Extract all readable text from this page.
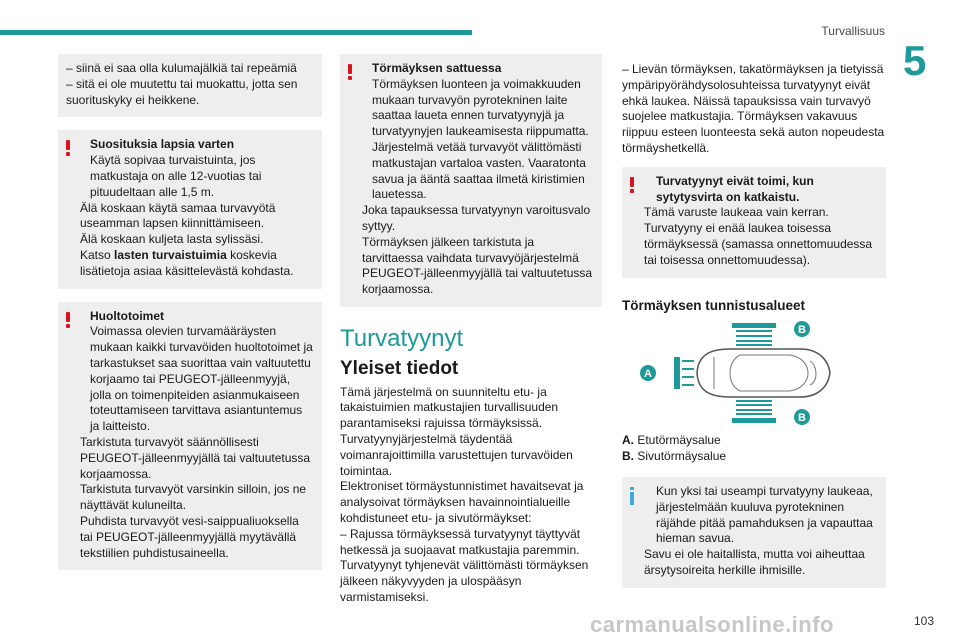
Turvallisuus
5

– siinä ei saa olla kulumajälkiä tai repeämiä

– sitä ei ole muutettu tai muokattu, jotta sen suorituskyky ei heikkene.

Suosituksia lapsia varten

Käytä sopivaa turvaistuinta, jos matkustaja on alle 12-vuotias tai pituudeltaan alle 1,5 m.

Älä koskaan käytä samaa turvavyötä useamman lapsen kiinnittämiseen.

Älä koskaan kuljeta lasta sylissäsi.

Katso lasten turvaistuimia koskevia lisätietoja asiaa käsittelevästä kohdasta.

Huoltotoimet

Voimassa olevien turvamääräysten mukaan kaikki turvavöiden huoltotoimet ja tarkastukset saa suorittaa vain valtuutettu korjaamo tai PEUGEOT-jälleenmyyjä, jolla on toimenpiteiden asianmukaiseen toteuttamiseen tarvittava asiantuntemus ja laitteisto.

Tarkistuta turvavyöt säännöllisesti PEUGEOT-jälleenmyyjällä tai valtuutetussa korjaamossa.

Tarkistuta turvavyöt varsinkin silloin, jos ne näyttävät kuluneilta.

Puhdista turvavyöt vesi-saippualiuoksella tai PEUGEOT-jälleenmyyjällä myytävällä tekstiilien puhdistusaineella.

Törmäyksen sattuessa

Törmäyksen luonteen ja voimakkuuden mukaan turvavyön pyrotekninen laite saattaa laueta ennen turvatyynyjä ja turvatyynyjen laukeamisesta riippumatta. Järjestelmä vetää turvavyöt välittömästi matkustajan vartaloa vasten. Vaaratonta savua ja ääntä saattaa ilmetä kiristimien lauetessa.

Joka tapauksessa turvatyynyn varoitusvalo syttyy.

Törmäyksen jälkeen tarkistuta ja tarvittaessa vaihdata turvavyöjärjestelmä PEUGEOT-jälleenmyyjällä tai valtuutetussa korjaamossa.

Turvatyynyt
Yleiset tiedot

Tämä järjestelmä on suunniteltu etu- ja takaistuimien matkustajien turvallisuuden parantamiseksi rajuissa törmäyksissä. Turvatyynyjärjestelmä täydentää voimanrajoittimilla varustettujen turvavöiden toimintaa.

Elektroniset törmäystunnistimet havaitsevat ja analysoivat törmäyksen havainnointialueille kohdistuneet etu- ja sivutörmäykset:

– Rajussa törmäyksessä turvatyynyt täyttyvät hetkessä ja suojaavat matkustajia paremmin. Turvatyynyt tyhjenevät välittömästi törmäyksen jälkeen näkyvyyden ja ulospääsyn varmistamiseksi.

– Lievän törmäyksen, takatörmäyksen ja tietyissä ympäripyörähdysolosuhteissa turvatyynyt eivät ehkä laukea. Näissä tapauksissa vain turvavyö suojelee matkustajia. Törmäyksen vakavuus riippuu esteen luonteesta sekä auton nopeudesta törmäyshetkellä.

Turvatyynyt eivät toimi, kun sytytysvirta on katkaistu.

Tämä varuste laukeaa vain kerran.

Turvatyyny ei enää laukea toisessa törmäyksessä (samassa onnettomuudessa tai toisessa onnettomuudessa).

Törmäyksen tunnistusalueet
A
B
B

A. Etutörmäysalue

B. Sivutörmäysalue

Kun yksi tai useampi turvatyyny laukeaa, järjestelmään kuuluva pyrotekninen räjähde pitää pamahduksen ja vapauttaa hieman savua.

Savu ei ole haitallista, mutta voi aiheuttaa ärsytysoireita herkille ihmisille.

carmanualsonline.info	103
